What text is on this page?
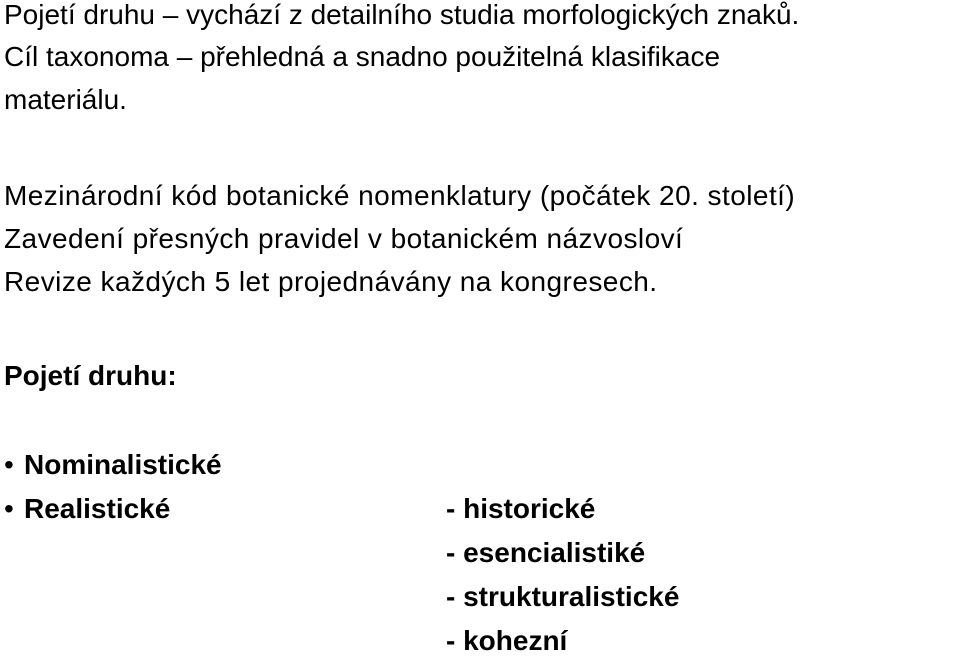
Pojetí druhu – vychází z detailního studia morfologických znaků.
Cíl taxonoma – přehledná a snadno použitelná klasifikace
materiálu.
Mezinárodní kód botanické nomenklatury (počátek 20. století)
Zavedení přesných pravidel v botanickém názvosloví
Revize každých 5 let projednávány na kongresech.
Pojetí druhu:
• Nominalistické
• Realistické	- historické
- esencialistiké
- strukturalistické
- kohezní
